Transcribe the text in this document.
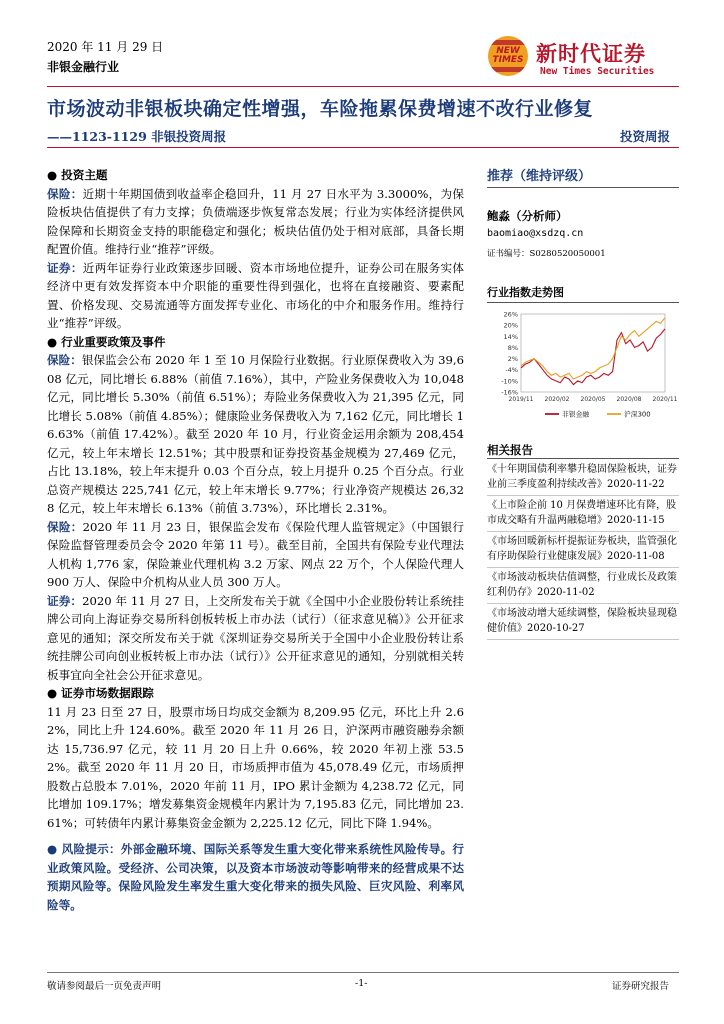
2020 年 11 月 29 日
非银金融行业
NEW
TIMES 新时代证券
New Times Securities
市场波动非银板块确定性增强，车险拖累保费增速不改行业修复
——1123-1129 非银投资周报	投资周报
● 投资主题

保险：近期十年期国债到收益率企稳回升，11 月 27 日水平为 3.3000%，为保险板块估值提供了有力支撑；负债端逐步恢复常态发展；行业为实体经济提供风险保障和长期资金支持的职能稳定和强化；板块估值仍处于相对底部，具备长期配置价值。维持行业“推荐”评级。

证券：近两年证券行业政策逐步回暖、资本市场地位提升，证券公司在服务实体经济中更有效发挥资本中介职能的重要性得到强化，也将在直接融资、要素配置、价格发现、交易流通等方面发挥专业化、市场化的中介和服务作用。维持行业“推荐”评级。

● 行业重要政策及事件

保险：银保监会公布 2020 年 1 至 10 月保险行业数据。行业原保费收入为 39,608 亿元，同比增长 6.88%（前值 7.16%），其中，产险业务保费收入为 10,048 亿元，同比增长 5.30%（前值 6.51%）；寿险业务保费收入为 21,395 亿元，同比增长 5.08%（前值 4.85%）；健康险业务保费收入为 7,162 亿元，同比增长 16.63%（前值 17.42%）。截至 2020 年 10 月，行业资金运用余额为 208,454 亿元，较上年末增长 12.51%；其中股票和证券投资基金规模为 27,469 亿元，占比 13.18%，较上年末提升 0.03 个百分点，较上月提升 0.25 个百分点。行业总资产规模达 225,741 亿元，较上年末增长 9.77%；行业净资产规模达 26,328 亿元，较上年末增长 6.13%（前值 3.73%），环比增长 2.31%。

保险：2020 年 11 月 23 日，银保监会发布《保险代理人监管规定》（中国银行保险监督管理委员会令 2020 年第 11 号）。截至目前，全国共有保险专业代理法人机构 1,776 家，保险兼业代理机构 3.2 万家、网点 22 万个，个人保险代理人 900 万人、保险中介机构从业人员 300 万人。

证券：2020 年 11 月 27 日，上交所发布关于就《全国中小企业股份转让系统挂牌公司向上海证券交易所科创板转板上市办法（试行）（征求意见稿）》公开征求意见的通知；深交所发布关于就《深圳证券交易所关于全国中小企业股份转让系统挂牌公司向创业板转板上市办法（试行）》公开征求意见的通知，分别就相关转板事宜向全社会公开征求意见。

● 证券市场数据跟踪

11 月 23 日至 27 日，股票市场日均成交金额为 8,209.95 亿元，环比上升 2.62%，同比上升 124.60%。截至 2020 年 11 月 26 日，沪深两市融资融券余额达 15,736.97 亿元，较 11 月 20 日上升 0.66%，较 2020 年初上涨 53.52%。截至 2020 年 11 月 20 日，市场质押市值为 45,078.49 亿元，市场质押股数占总股本 7.01%，2020 年前 11 月，IPO 累计金额为 4,238.72 亿元，同比增加 109.17%；增发募集资金规模年内累计为 7,195.83 亿元，同比增加 23.61%；可转债年内累计募集资金金额为 2,225.12 亿元，同比下降 1.94%。

● 风险提示：外部金融环境、国际关系等发生重大变化带来系统性风险传导。行业政策风险。受经济、公司决策，以及资本市场波动等影响带来的经营成果不达预期风险等。保险风险发生率发生重大变化带来的损失风险、巨灾风险、利率风险等。

推荐（维持评级）
鲍淼（分析师）
baomiao@xsdzq.cn
证书编号：S0280520050001
行业指数走势图
26%
20%
14%
8%
2%
-4%
-10%
-16%
2019/11 2020/02 2020/05 2020/08 2020/11
非银金融	沪深300
相关报告
《十年期国债利率攀升稳固保险板块，证券业前三季度盈利持续改善》2020-11-22
《上市险企前 10 月保费增速环比有降，股市成交略有升温两融稳增》2020-11-15
《市场回暖新标杆提振证券板块，监管强化有序助保险行业健康发展》2020-11-08
《市场波动板块估值调整，行业成长及政策红利仍存》2020-11-02
《市场波动增大延续调整，保险板块显现稳健价值》2020-10-27
敬请参阅最后一页免责声明	-1-	证券研究报告
